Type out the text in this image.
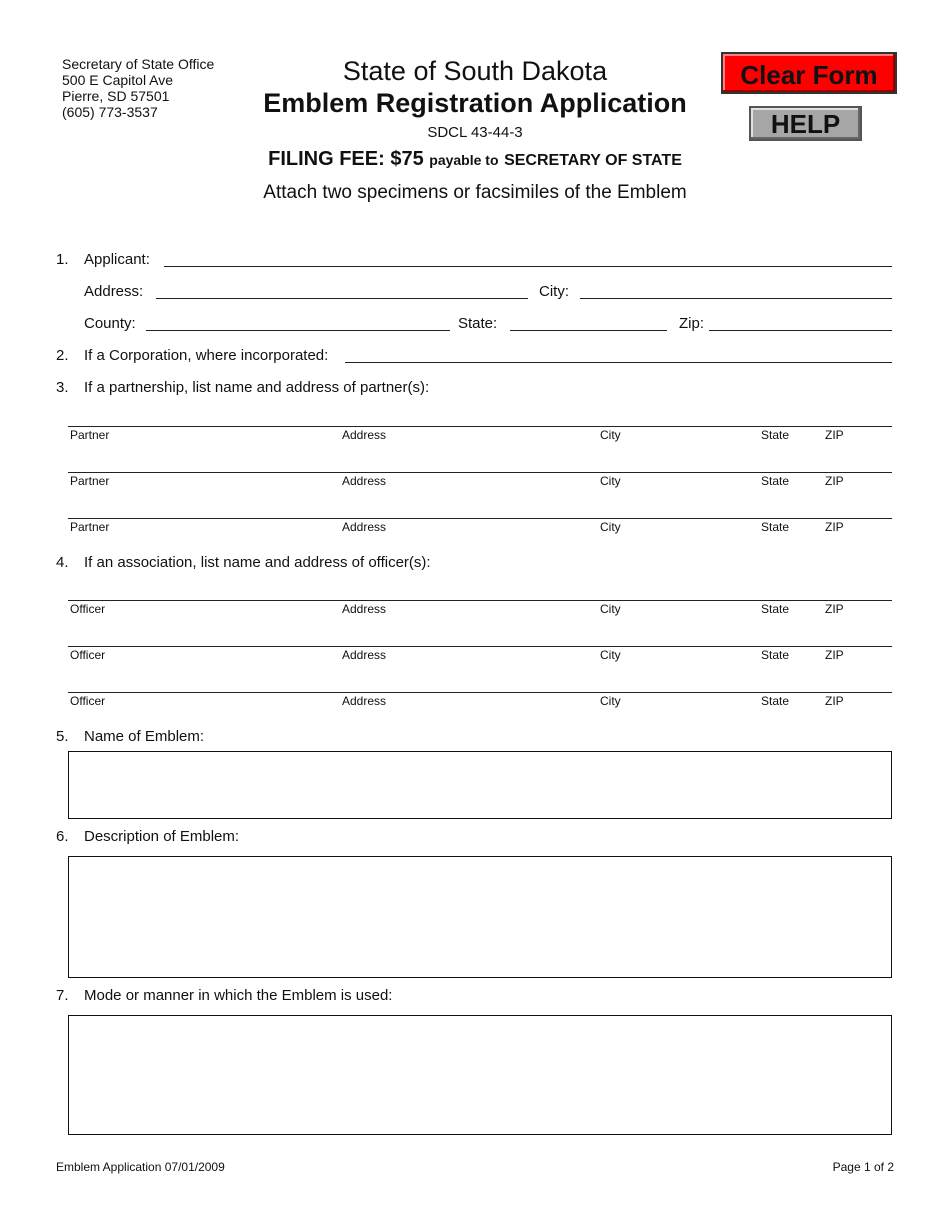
Secretary of State Office
500 E Capitol Ave
Pierre, SD 57501
(605) 773-3537
State of South Dakota
Emblem Registration Application
SDCL 43-44-3
FILING FEE: $75 payable to SECRETARY OF STATE
Attach two specimens or facsimiles of the Emblem
Clear Form
HELP
1. Applicant:
Address:	City:
County:	State:	Zip:
2. If a Corporation, where incorporated:
3. If a partnership, list name and address of partner(s):
Partner	Address	City	State	ZIP
Partner	Address	City	State	ZIP
Partner	Address	City	State	ZIP
4. If an association, list name and address of officer(s):
Officer	Address	City	State	ZIP
Officer	Address	City	State	ZIP
Officer	Address	City	State	ZIP
5. Name of Emblem:
6. Description of Emblem:
7. Mode or manner in which the Emblem is used:
Emblem Application 07/01/2009	Page 1 of 2
